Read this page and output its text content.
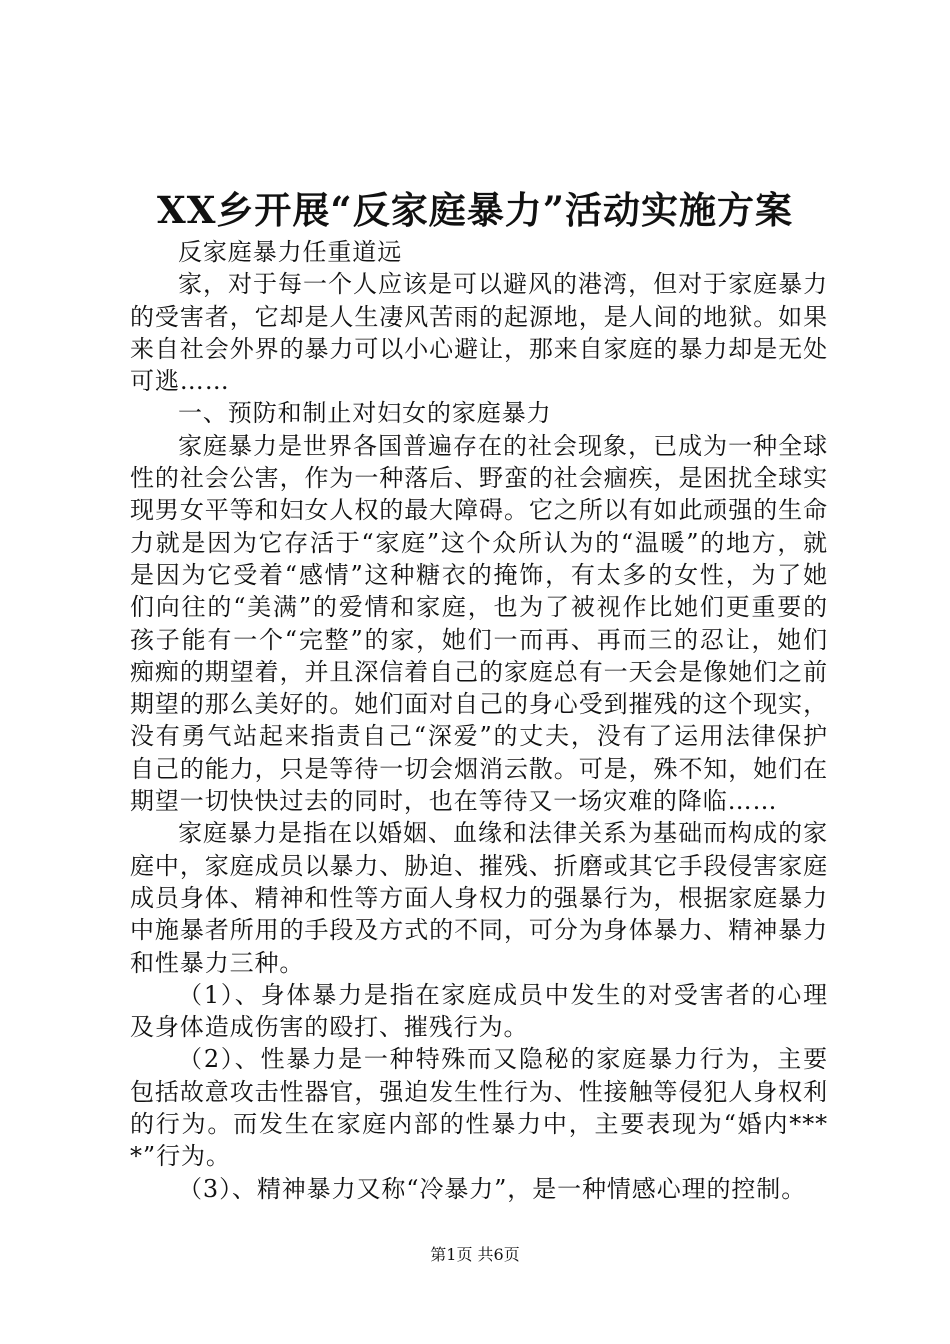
XX乡开展“反家庭暴力”活动实施方案

反家庭暴力任重道远

家，对于每一个人应该是可以避风的港湾，但对于家庭暴力的受害者，它却是人生凄风苦雨的起源地，是人间的地狱。如果来自社会外界的暴力可以小心避让，那来自家庭的暴力却是无处可逃……

一、预防和制止对妇女的家庭暴力

家庭暴力是世界各国普遍存在的社会现象，已成为一种全球性的社会公害，作为一种落后、野蛮的社会痼疾，是困扰全球实现男女平等和妇女人权的最大障碍。它之所以有如此顽强的生命力就是因为它存活于“家庭”这个众所认为的“温暖”的地方，就是因为它受着“感情”这种糖衣的掩饰，有太多的女性，为了她们向往的“美满”的爱情和家庭，也为了被视作比她们更重要的孩子能有一个“完整”的家，她们一而再、再而三的忍让，她们痴痴的期望着，并且深信着自己的家庭总有一天会是像她们之前期望的那么美好的。她们面对自己的身心受到摧残的这个现实，没有勇气站起来指责自己“深爱”的丈夫，没有了运用法律保护自己的能力，只是等待一切会烟消云散。可是，殊不知，她们在期望一切快快过去的同时，也在等待又一场灾难的降临……

家庭暴力是指在以婚姻、血缘和法律关系为基础而构成的家庭中，家庭成员以暴力、胁迫、摧残、折磨或其它手段侵害家庭成员身体、精神和性等方面人身权力的强暴行为，根据家庭暴力中施暴者所用的手段及方式的不同，可分为身体暴力、精神暴力和性暴力三种。

（1）、身体暴力是指在家庭成员中发生的对受害者的心理及身体造成伤害的殴打、摧残行为。

（2）、性暴力是一种特殊而又隐秘的家庭暴力行为，主要包括故意攻击性器官，强迫发生性行为、性接触等侵犯人身权利的行为。而发生在家庭内部的性暴力中，主要表现为“婚内****”行为。

（3）、精神暴力又称“冷暴力”，是一种情感心理的控制。

第1页 共6页
